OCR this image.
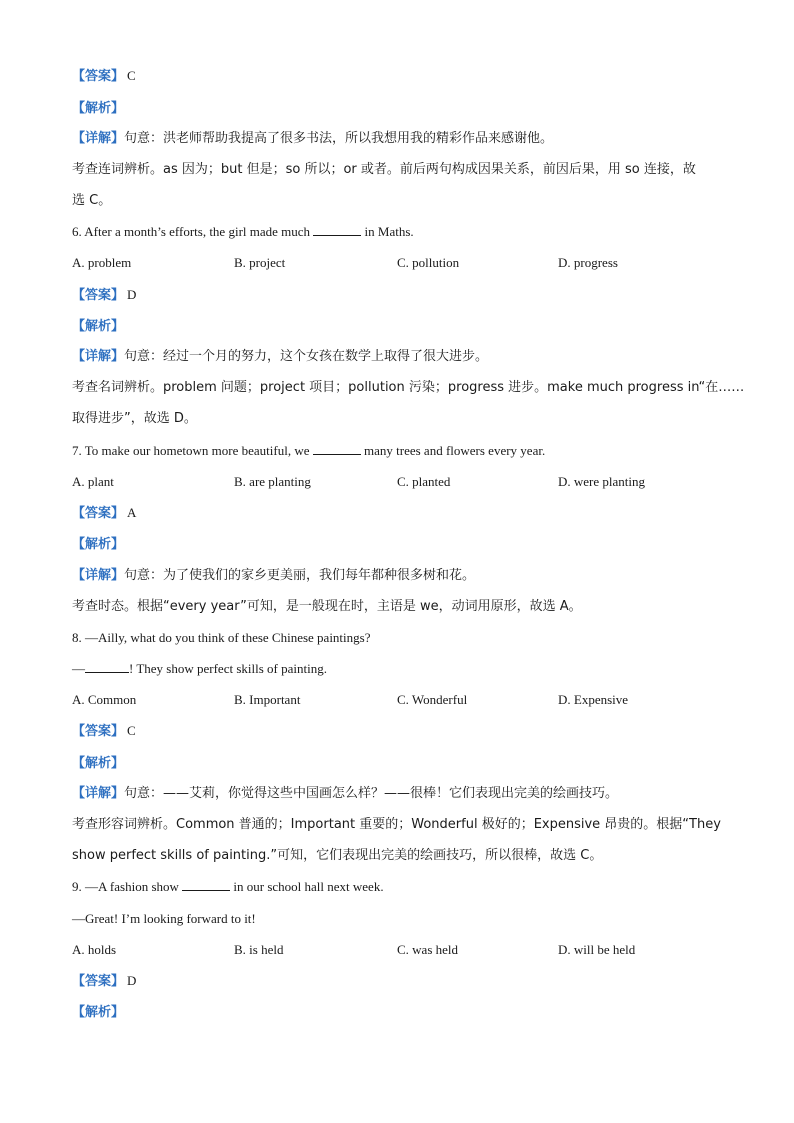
【答案】 C
【解析】
【详解】句意：洪老师帮助我提高了很多书法，所以我想用我的精彩作品来感谢他。
考查连词辨析。as 因为；but 但是；so 所以；or 或者。前后两句构成因果关系，前因后果，用 so 连接，故
选 C。
6. After a month’s efforts, the girl made much	in Maths.
A. problem	B. project	C. pollution	D. progress
【答案】 D
【解析】
【详解】句意：经过一个月的努力，这个女孩在数学上取得了很大进步。
考查名词辨析。problem 问题；project 项目；pollution 污染；progress 进步。make much progress in“在……
取得进步”，故选 D。
7. To make our hometown more beautiful, we	many trees and flowers every year.
A. plant	B. are planting	C. planted	D. were planting
【答案】 A
【解析】
【详解】句意：为了使我们的家乡更美丽，我们每年都种很多树和花。
考查时态。根据“every year”可知，是一般现在时，主语是 we，动词用原形，故选 A。
8. —Ailly, what do you think of these Chinese paintings?
—	! They show perfect skills of painting.
A. Common	B. Important	C. Wonderful	D. Expensive
【答案】 C
【解析】
【详解】句意：——艾莉，你觉得这些中国画怎么样？——很棒！它们表现出完美的绘画技巧。
考查形容词辨析。Common 普通的；Important 重要的；Wonderful 极好的；Expensive 昂贵的。根据“They
show perfect skills of painting.”可知，它们表现出完美的绘画技巧，所以很棒，故选 C。
9. —A fashion show	in our school hall next week.
—Great! I’m looking forward to it!
A. holds	B. is held	C. was held	D. will be held
【答案】 D
【解析】
